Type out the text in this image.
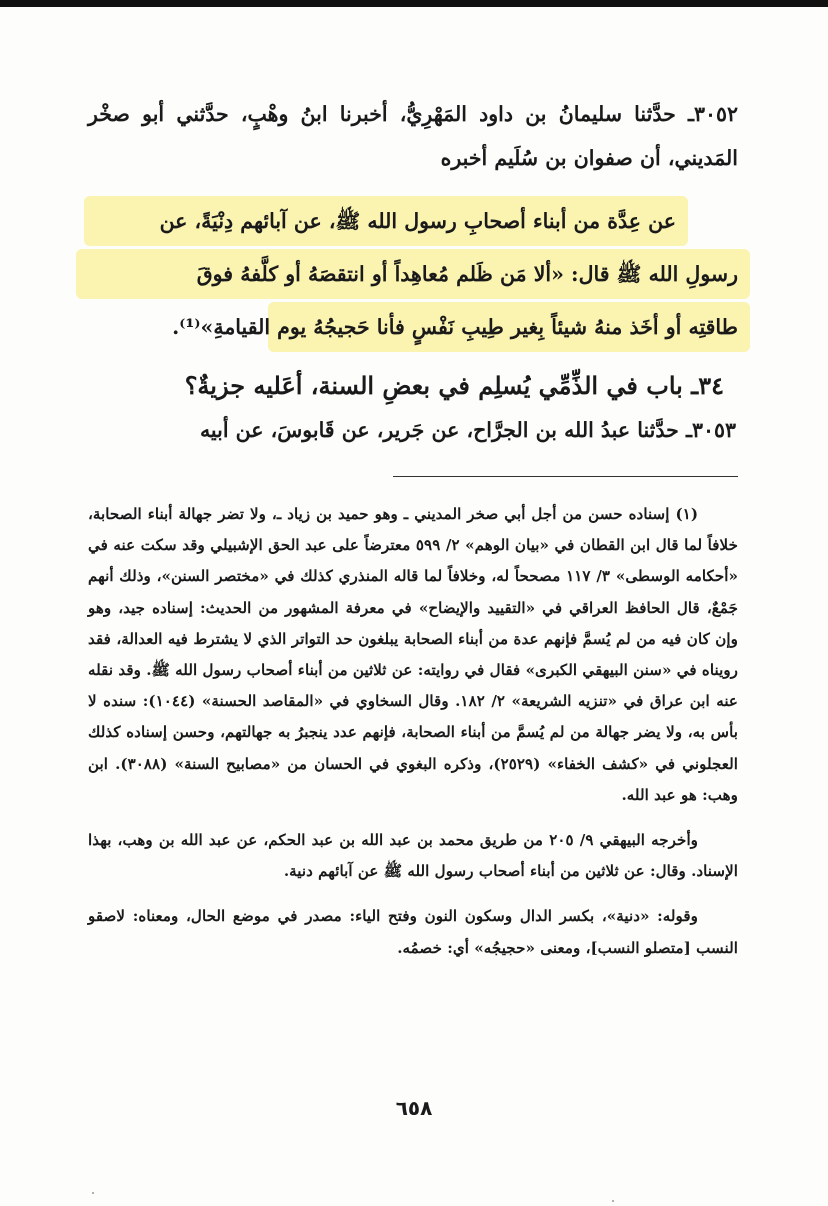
٣٠٥٢ـ حدَّثنا سليمانُ بن داود المَهْرِيُّ، أخبرنا ابنُ وهْبٍ، حدَّثني أبو صخْر المَديني، أن صفوان بن سُلَيم أخبره

عن عِدَّة من أبناء أصحابِ رسول الله ﷺ، عن آبائهم دِنْيَةً، عن
رسولِ الله ﷺ قال: «ألا مَن ظَلم مُعاهِداً أو انتقصَهُ أو كلَّفهُ فوقَ
طاقتِه أو أخَذ منهُ شيئاً بِغير طِيبِ نَفْسٍ فأنا حَجيجُهُ يوم القيامةِ»⁽¹⁾.
٣٤ـ باب في الذِّمِّي يُسلِم في بعضِ السنة، أعَليه جزيةٌ؟

٣٠٥٣ـ حدَّثنا عبدُ الله بن الجرَّاح، عن جَرير، عن قَابوسَ، عن أبيه

(١) إسناده حسن من أجل أبي صخر المديني ـ وهو حميد بن زياد ـ، ولا تضر جهالة أبناء الصحابة، خلافاً لما قال ابن القطان في «بيان الوهم» ٢/ ٥٩٩ معترضاً على عبد الحق الإشبيلي وقد سكت عنه في «أحكامه الوسطى» ٣/ ١١٧ مصححاً له، وخلافاً لما قاله المنذري كذلك في «مختصر السنن»، وذلك أنهم جَمْعٌ، قال الحافظ العراقي في «التقييد والإيضاح» في معرفة المشهور من الحديث: إسناده جيد، وهو وإن كان فيه من لم يُسمَّ فإنهم عدة من أبناء الصحابة يبلغون حد التواتر الذي لا يشترط فيه العدالة، فقد رويناه في «سنن البيهقي الكبرى» فقال في روايته: عن ثلاثين من أبناء أصحاب رسول الله ﷺ. وقد نقله عنه ابن عراق في «تنزيه الشريعة» ٢/ ١٨٢. وقال السخاوي في «المقاصد الحسنة» (١٠٤٤): سنده لا بأس به، ولا يضر جهالة من لم يُسمَّ من أبناء الصحابة، فإنهم عدد ينجبرُ به جهالتهم، وحسن إسناده كذلك العجلوني في «كشف الخفاء» (٢٥٢٩)، وذكره البغوي في الحسان من «مصابيح السنة» (٣٠٨٨). ابن وهب: هو عبد الله.

وأخرجه البيهقي ٩/ ٢٠٥ من طريق محمد بن عبد الله بن عبد الحكم، عن عبد الله بن وهب، بهذا الإسناد. وقال: عن ثلاثين من أبناء أصحاب رسول الله ﷺ عن آبائهم دنية.

وقوله: «دنية»، بكسر الدال وسكون النون وفتح الياء: مصدر في موضع الحال، ومعناه: لاصقو النسب [متصلو النسب]، ومعنى «حجيجُه» أي: خصمُه.

٦٥٨
